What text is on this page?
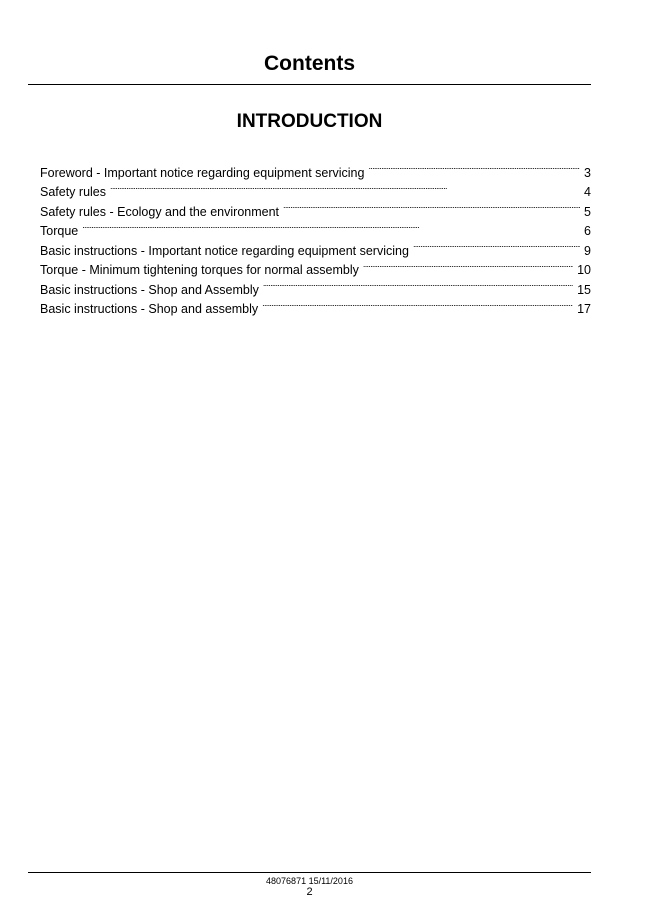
Contents
INTRODUCTION
Foreword - Important notice regarding equipment servicing . . .	3
Safety rules . . .	4
Safety rules - Ecology and the environment . . .	5
Torque . . .	6
Basic instructions - Important notice regarding equipment servicing . . .	9
Torque - Minimum tightening torques for normal assembly . . .	10
Basic instructions - Shop and Assembly . . .	15
Basic instructions - Shop and assembly . . .	17
48076871 15/11/2016
2
